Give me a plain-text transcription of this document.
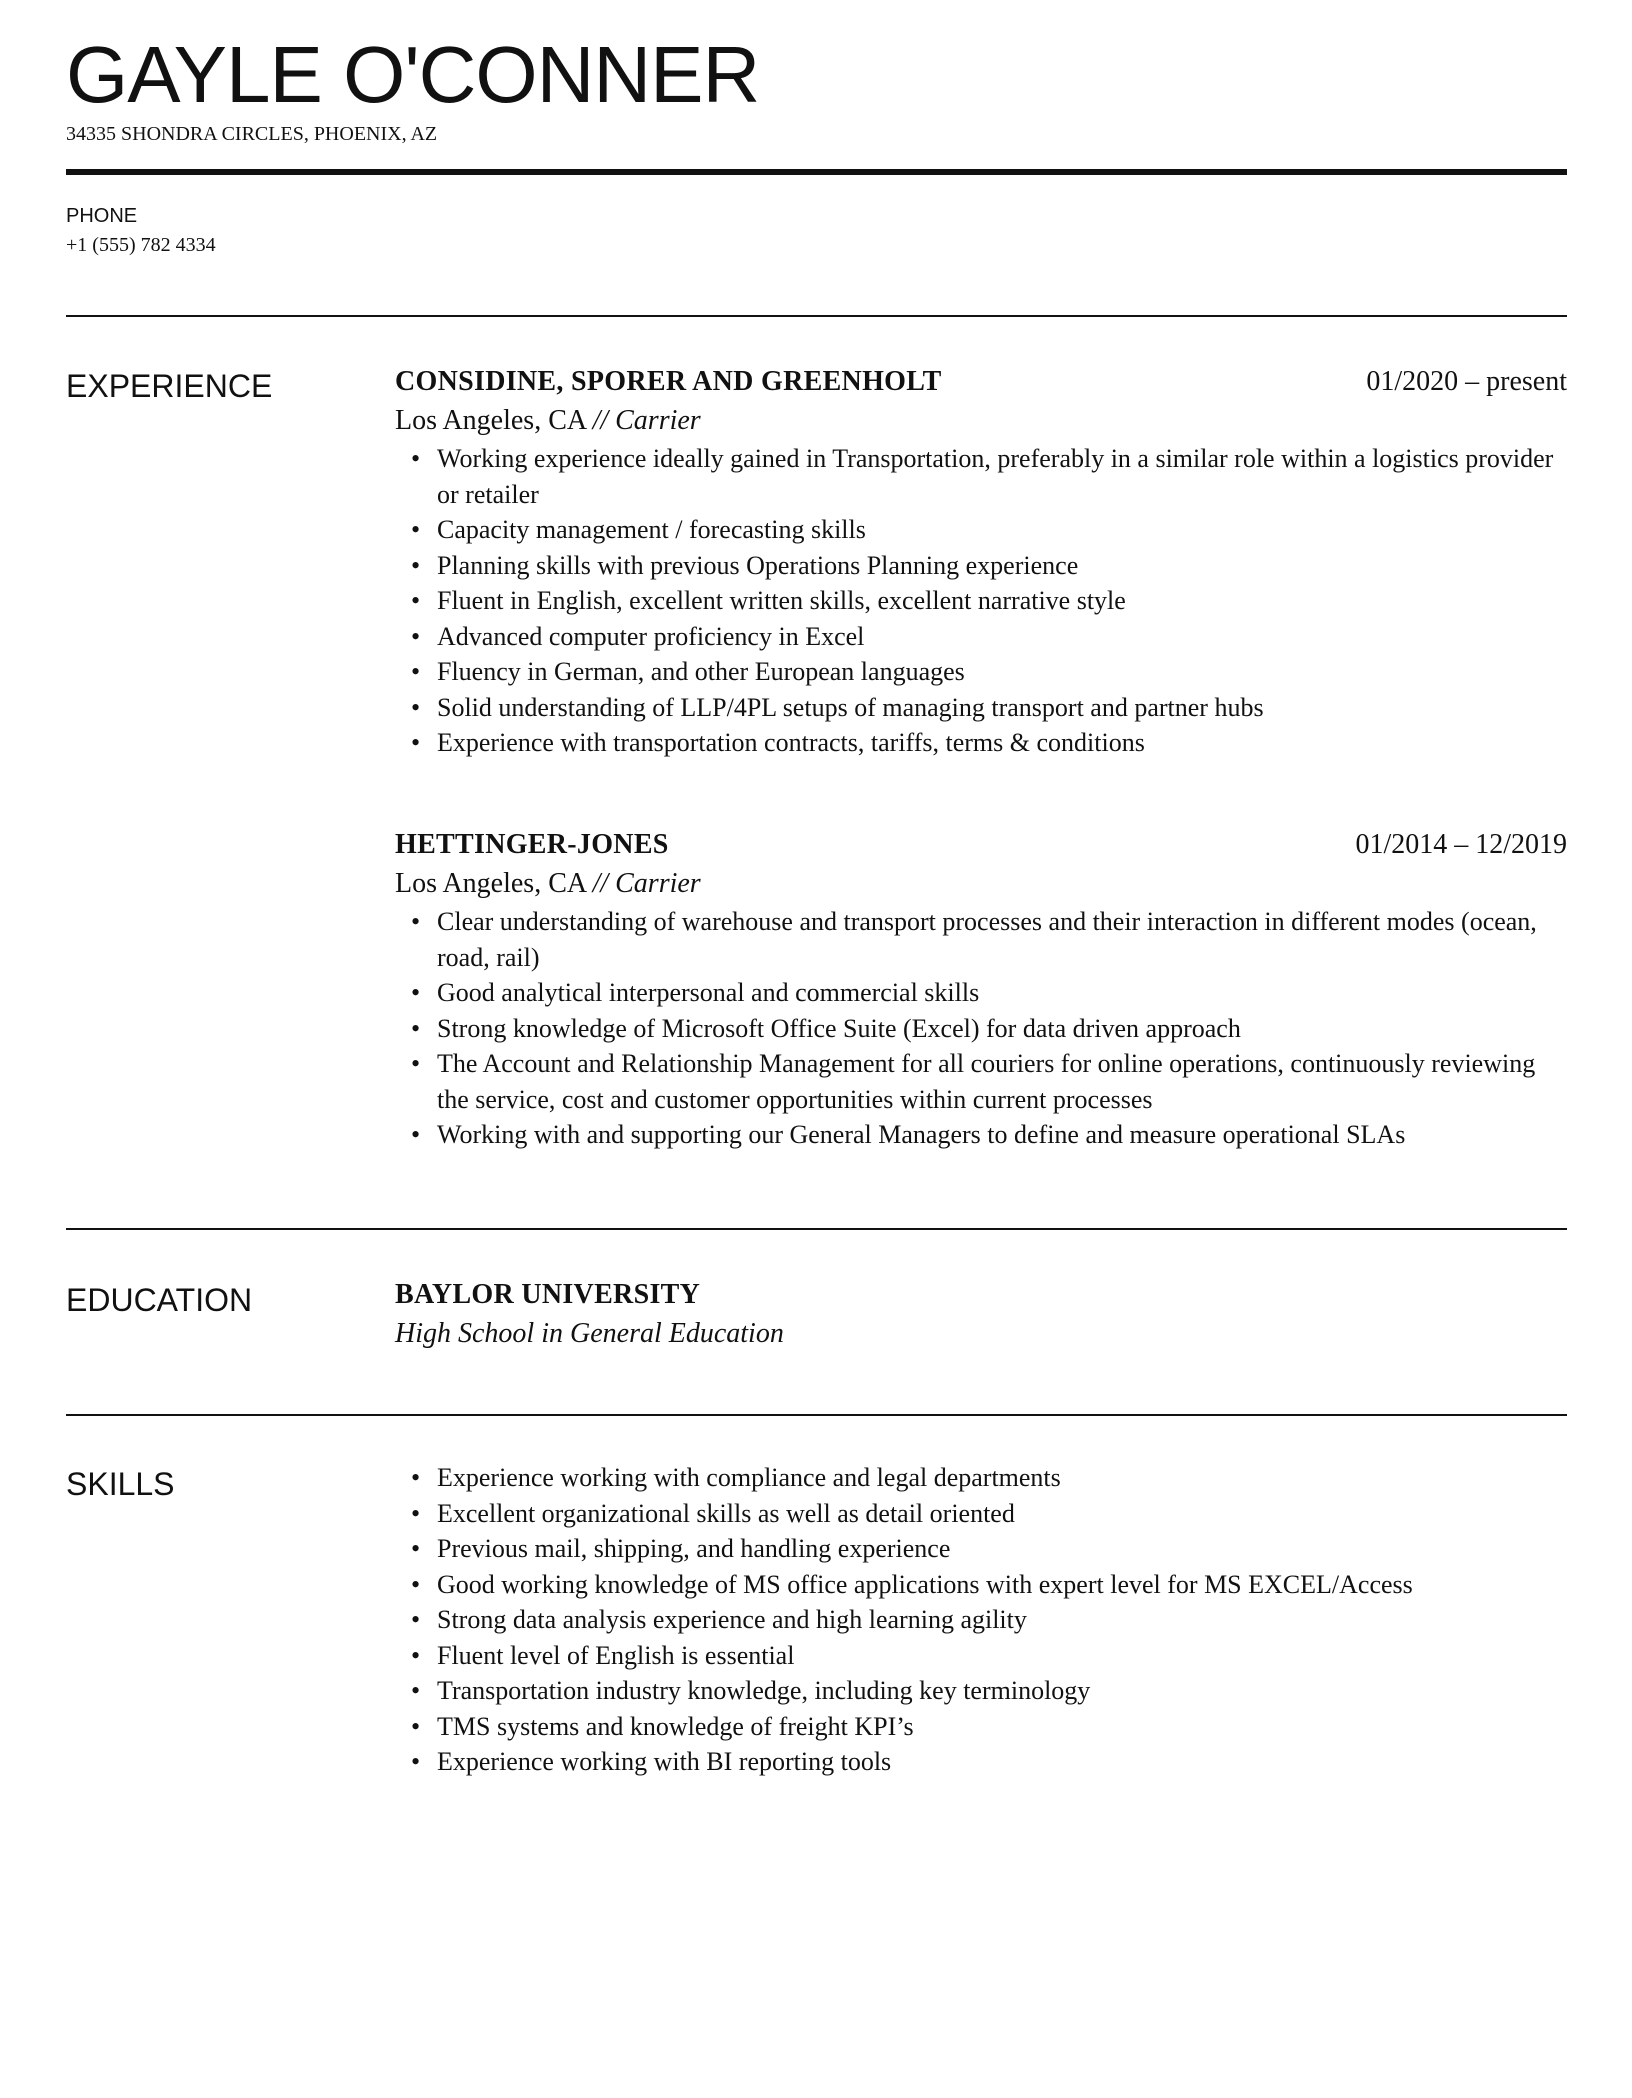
GAYLE O'CONNER
34335 SHONDRA CIRCLES, PHOENIX, AZ
PHONE
+1 (555) 782 4334
EXPERIENCE	CONSIDINE, SPORER AND GREENHOLT	01/2020 – present
Los Angeles, CA // Carrier
• Working experience ideally gained in Transportation, preferably in a similar role within a logistics provider or retailer
• Capacity management / forecasting skills
• Planning skills with previous Operations Planning experience
• Fluent in English, excellent written skills, excellent narrative style
• Advanced computer proficiency in Excel
• Fluency in German, and other European languages
• Solid understanding of LLP/4PL setups of managing transport and partner hubs
• Experience with transportation contracts, tariffs, terms & conditions
HETTINGER-JONES	01/2014 – 12/2019
Los Angeles, CA // Carrier
• Clear understanding of warehouse and transport processes and their interaction in different modes (ocean, road, rail)
• Good analytical interpersonal and commercial skills
• Strong knowledge of Microsoft Office Suite (Excel) for data driven approach
• The Account and Relationship Management for all couriers for online operations, continuously reviewing the service, cost and customer opportunities within current processes
• Working with and supporting our General Managers to define and measure operational SLAs
EDUCATION	BAYLOR UNIVERSITY
High School in General Education
SKILLS
•	Experience working with compliance and legal departments
• Excellent organizational skills as well as detail oriented
• Previous mail, shipping, and handling experience
• Good working knowledge of MS office applications with expert level for MS EXCEL/Access
• Strong data analysis experience and high learning agility
• Fluent level of English is essential
• Transportation industry knowledge, including key terminology
• TMS systems and knowledge of freight KPI’s
• Experience working with BI reporting tools
